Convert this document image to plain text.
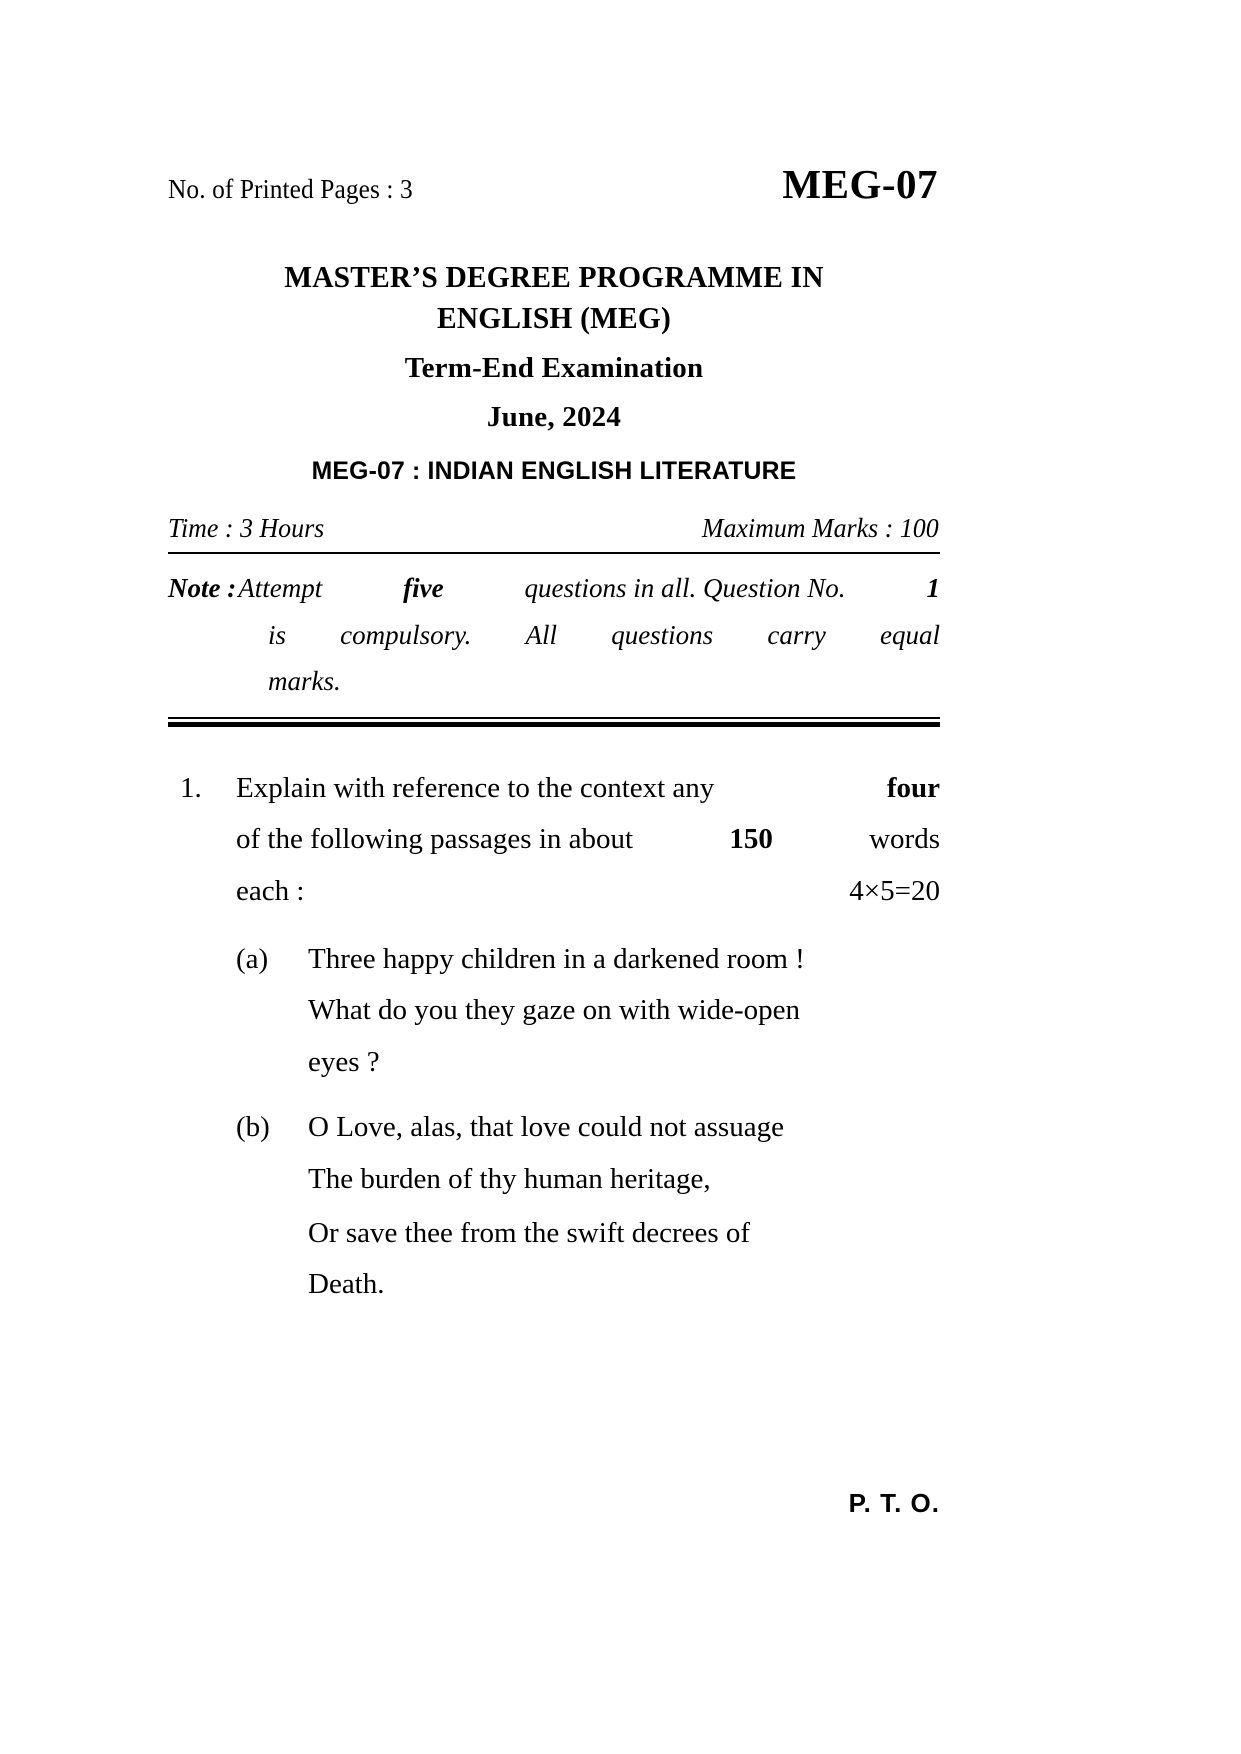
No. of Printed Pages : 3	MEG-07
MASTER’S DEGREE PROGRAMME IN
ENGLISH (MEG)
Term-End Examination
June, 2024
MEG-07 : INDIAN ENGLISH LITERATURE
Time : 3 Hours	Maximum Marks : 100
Note : Attempt	five	questions in all. Question No.	1
is compulsory. All questions carry equal
marks.
1.	Explain with reference to the context any	four
of the following passages in about	150	words
each :	4×5=20
(a)	Three happy children in a darkened room !
What do you they gaze on with wide-open
eyes ?
(b)	O Love, alas, that love could not assuage
The burden of thy human heritage,
Or save thee from the swift decrees of
Death.
P. T. O.
